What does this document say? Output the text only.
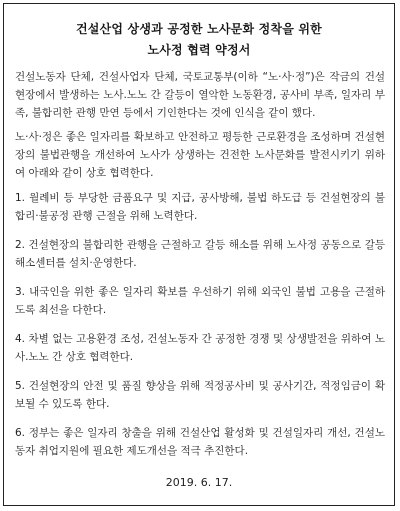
건설산업 상생과 공정한 노사문화 정착을 위한
노사정 협력 약정서
건설노동자 단체, 건설사업자 단체, 국토교통부(이하 “노·사·정”)은 작금의 건설현장에서 발생하는 노사.노노 간 갈등이 열악한 노동환경, 공사비 부족, 일자리 부족, 불합리한 관행 만연 등에서 기인한다는 것에 인식을 같이 했다.
노·사·정은 좋은 일자리를 확보하고 안전하고 평등한 근로환경을 조성하며 건설현장의 불법관행을 개선하여 노사가 상생하는 건전한 노사문화를 발전시키기 위하여 아래와 같이 상호 협력한다.
1. 월례비 등 부당한 금품요구 및 지급, 공사방해, 불법 하도급 등 건설현장의 불합리·불공정 관행 근절을 위해 노력한다.
2. 건설현장의 불합리한 관행을 근절하고 갈등 해소를 위해 노사정 공동으로 갈등해소센터를 설치·운영한다.
3. 내국인을 위한 좋은 일자리 확보를 우선하기 위해 외국인 불법 고용을 근절하도록 최선을 다한다.
4. 차별 없는 고용환경 조성, 건설노동자 간 공정한 경쟁 및 상생발전을 위하여 노사.노노 간 상호 협력한다.
5. 건설현장의 안전 및 품질 향상을 위해 적정공사비 및 공사기간, 적정임금이 확보될 수 있도록 한다.
6. 정부는 좋은 일자리 창출을 위해 건설산업 활성화 및 건설일자리 개선, 건설노동자 취업지원에 필요한 제도개선을 적극 추진한다.
2019. 6. 17.
